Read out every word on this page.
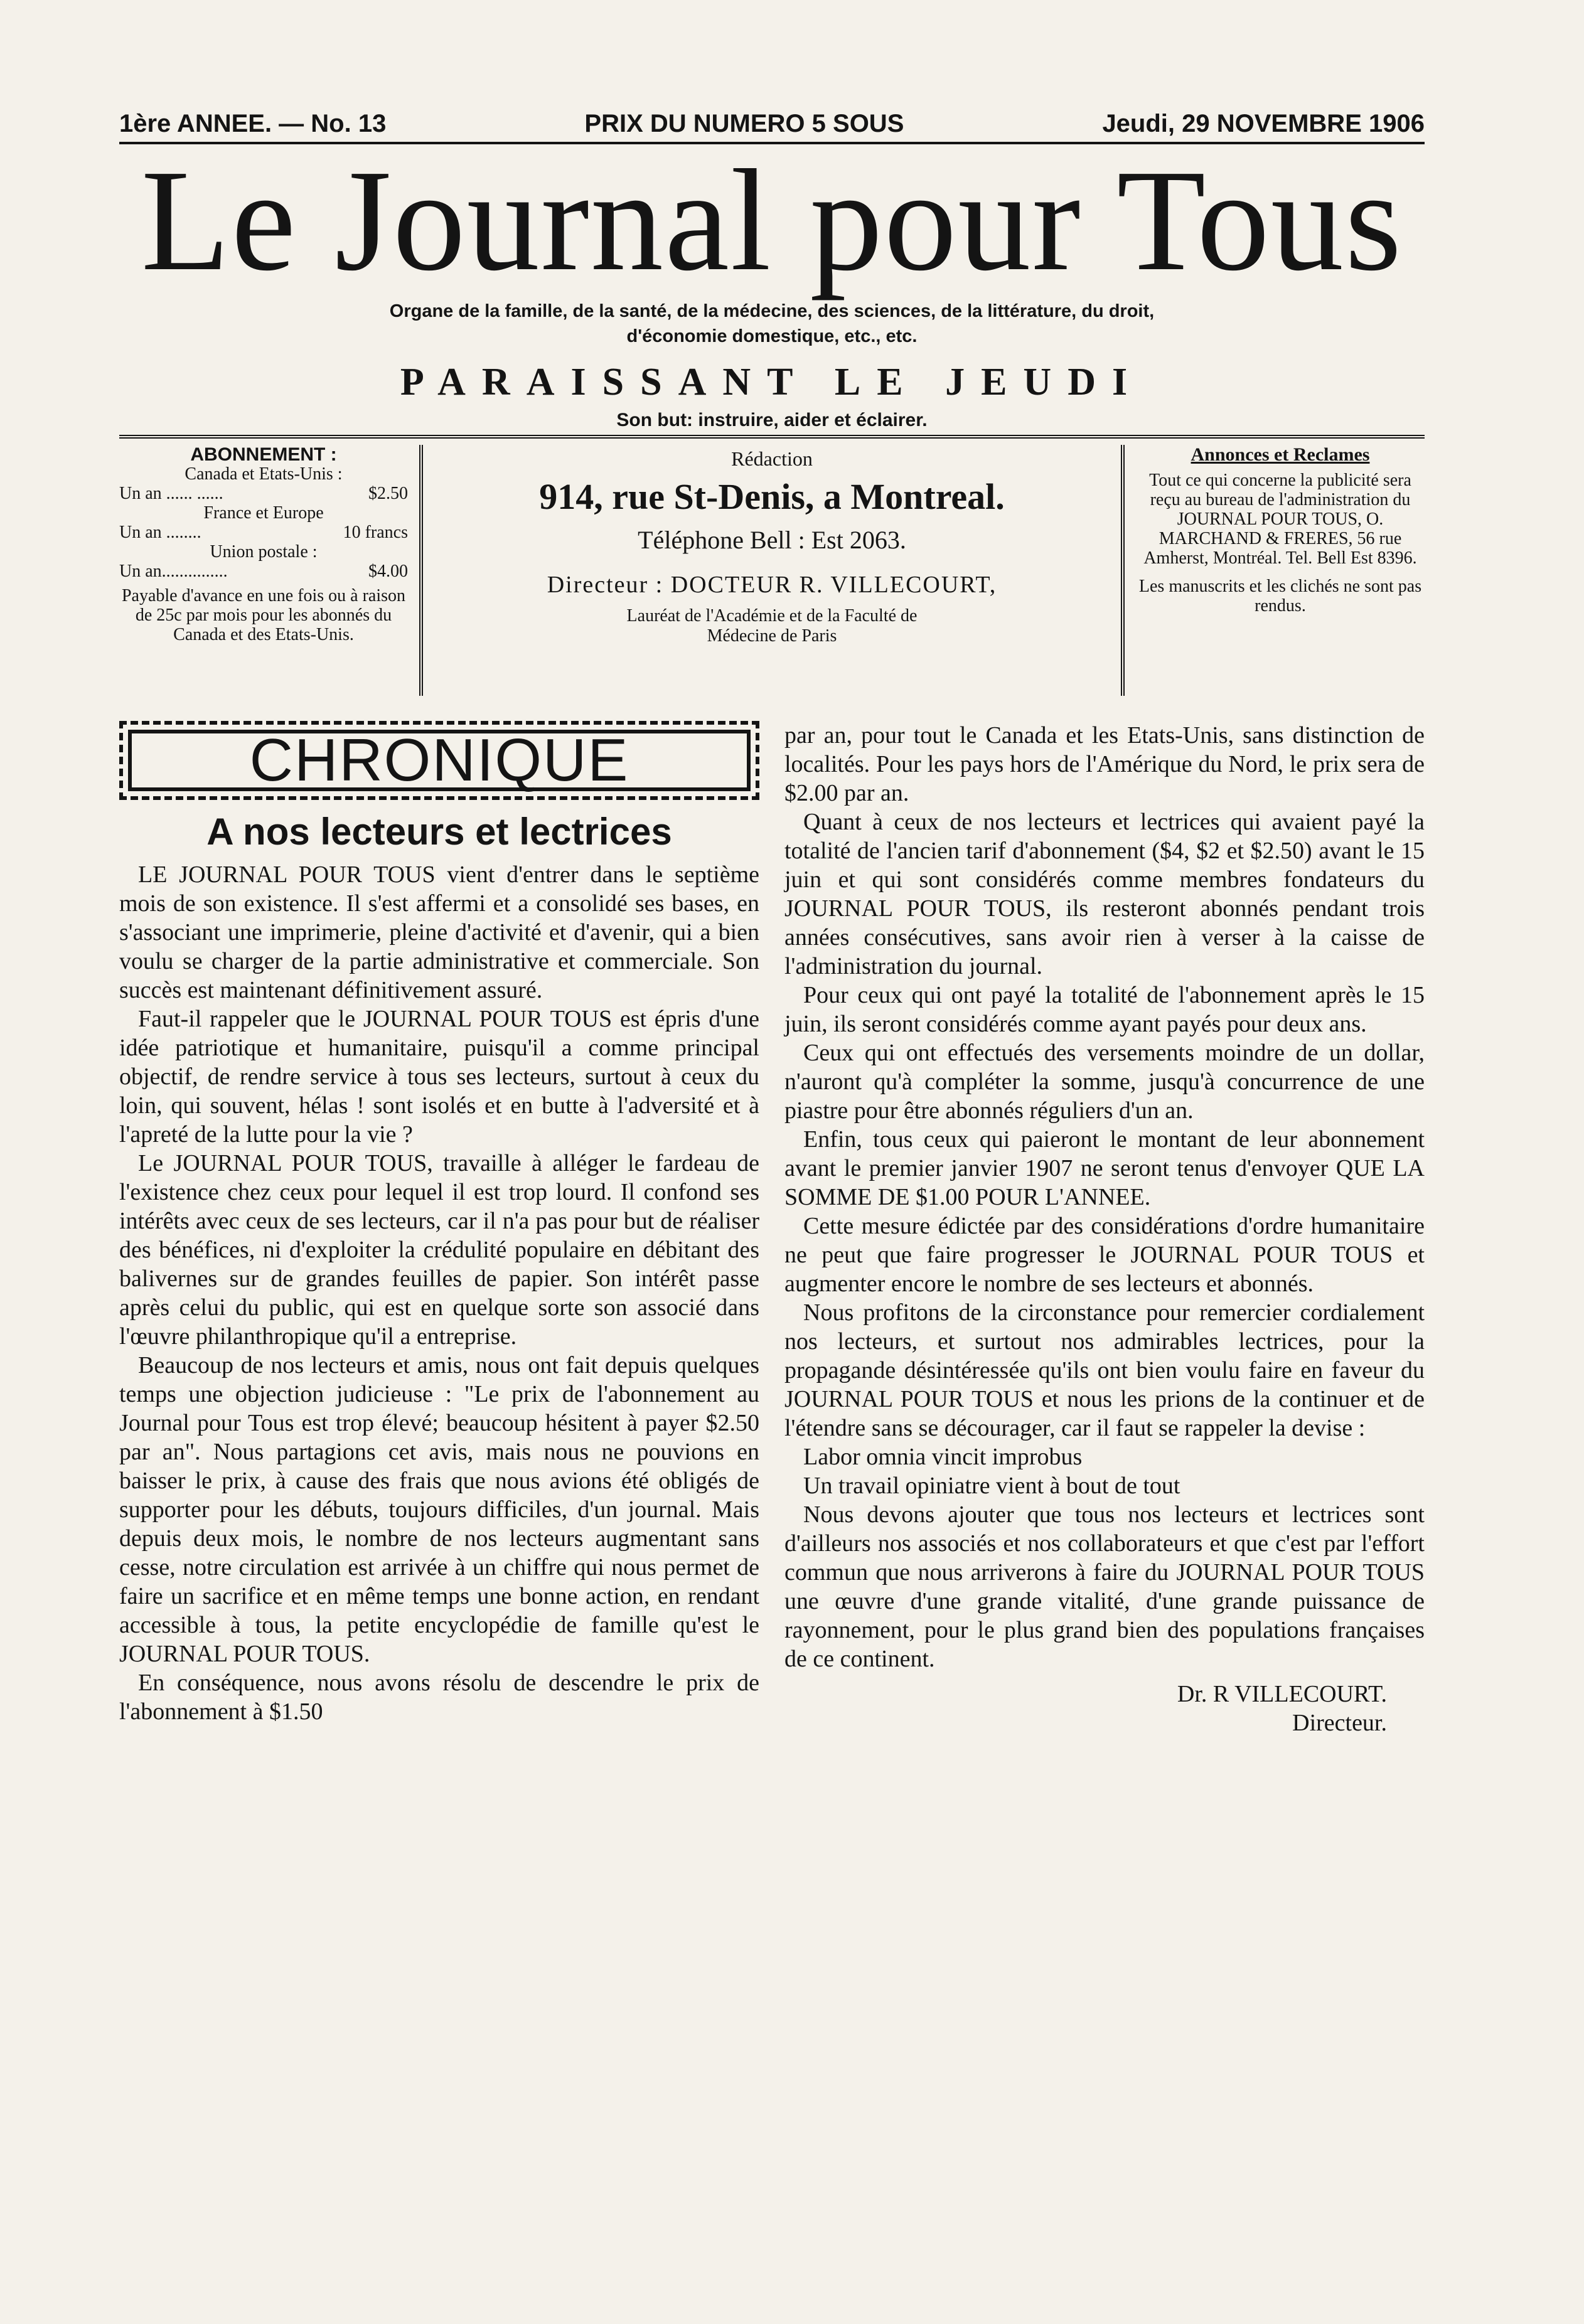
1ère ANNEE. — No. 13	PRIX DU NUMERO 5 SOUS	Jeudi, 29 NOVEMBRE 1906
Le Journal pour Tous
Organe de la famille, de la santé, de la médecine, des sciences, de la littérature, du droit,
d'économie domestique, etc., etc.
PARAISSANT LE JEUDI
Son but: instruire, aider et éclairer.
ABONNEMENT :
Canada et Etats-Unis :
Un an ...... ......	$2.50
France et Europe
Un an ........	10 francs
Union postale :
Un an...............	$4.00
Payable d'avance en une fois ou à raison de 25c par mois pour les abonnés du Canada et des Etats-Unis.
Rédaction
914, rue St-Denis, a Montreal.
Téléphone Bell : Est 2063.
Directeur : DOCTEUR R. VILLECOURT,
Lauréat de l'Académie et de la Faculté de
Médecine de Paris
Annonces et Reclames
Tout ce qui concerne la publicité sera reçu au bureau de l'administration du JOURNAL POUR TOUS, O. MARCHAND & FRERES, 56 rue Amherst, Montréal. Tel. Bell Est 8396.
Les manuscrits et les clichés ne sont pas rendus.
CHRONIQUE
A nos lecteurs et lectrices

LE JOURNAL POUR TOUS vient d'entrer dans le septième mois de son existence. Il s'est affermi et a consolidé ses bases, en s'associant une imprimerie, pleine d'activité et d'avenir, qui a bien voulu se charger de la partie administrative et commerciale. Son succès est maintenant définitivement assuré.

Faut-il rappeler que le JOURNAL POUR TOUS est épris d'une idée patriotique et humanitaire, puisqu'il a comme principal objectif, de rendre service à tous ses lecteurs, surtout à ceux du loin, qui souvent, hélas ! sont isolés et en butte à l'adversité et à l'apreté de la lutte pour la vie ?

Le JOURNAL POUR TOUS, travaille à alléger le fardeau de l'existence chez ceux pour lequel il est trop lourd. Il confond ses intérêts avec ceux de ses lecteurs, car il n'a pas pour but de réaliser des bénéfices, ni d'exploiter la crédulité populaire en débitant des balivernes sur de grandes feuilles de papier. Son intérêt passe après celui du public, qui est en quelque sorte son associé dans l'œuvre philanthropique qu'il a entreprise.

Beaucoup de nos lecteurs et amis, nous ont fait depuis quelques temps une objection judicieuse : "Le prix de l'abonnement au Journal pour Tous est trop élevé; beaucoup hésitent à payer $2.50 par an". Nous partagions cet avis, mais nous ne pouvions en baisser le prix, à cause des frais que nous avions été obligés de supporter pour les débuts, toujours difficiles, d'un journal. Mais depuis deux mois, le nombre de nos lecteurs augmentant sans cesse, notre circulation est arrivée à un chiffre qui nous permet de faire un sacrifice et en même temps une bonne action, en rendant accessible à tous, la petite encyclopédie de famille qu'est le JOURNAL POUR TOUS.

En conséquence, nous avons résolu de descendre le prix de l'abonnement à $1.50

par an, pour tout le Canada et les Etats-Unis, sans distinction de localités. Pour les pays hors de l'Amérique du Nord, le prix sera de $2.00 par an.

Quant à ceux de nos lecteurs et lectrices qui avaient payé la totalité de l'ancien tarif d'abonnement ($4, $2 et $2.50) avant le 15 juin et qui sont considérés comme membres fondateurs du JOURNAL POUR TOUS, ils resteront abonnés pendant trois années consécutives, sans avoir rien à verser à la caisse de l'administration du journal.

Pour ceux qui ont payé la totalité de l'abonnement après le 15 juin, ils seront considérés comme ayant payés pour deux ans.

Ceux qui ont effectués des versements moindre de un dollar, n'auront qu'à compléter la somme, jusqu'à concurrence de une piastre pour être abonnés réguliers d'un an.

Enfin, tous ceux qui paieront le montant de leur abonnement avant le premier janvier 1907 ne seront tenus d'envoyer QUE LA SOMME DE $1.00 POUR L'ANNEE.

Cette mesure édictée par des considérations d'ordre humanitaire ne peut que faire progresser le JOURNAL POUR TOUS et augmenter encore le nombre de ses lecteurs et abonnés.

Nous profitons de la circonstance pour remercier cordialement nos lecteurs, et surtout nos admirables lectrices, pour la propagande désintéressée qu'ils ont bien voulu faire en faveur du JOURNAL POUR TOUS et nous les prions de la continuer et de l'étendre sans se décourager, car il faut se rappeler la devise :

Labor omnia vincit improbus

Un travail opiniatre vient à bout de tout

Nous devons ajouter que tous nos lecteurs et lectrices sont d'ailleurs nos associés et nos collaborateurs et que c'est par l'effort commun que nous arriverons à faire du JOURNAL POUR TOUS une œuvre d'une grande vitalité, d'une grande puissance de rayonnement, pour le plus grand bien des populations françaises de ce continent.

Dr. R VILLECOURT.
Directeur.
